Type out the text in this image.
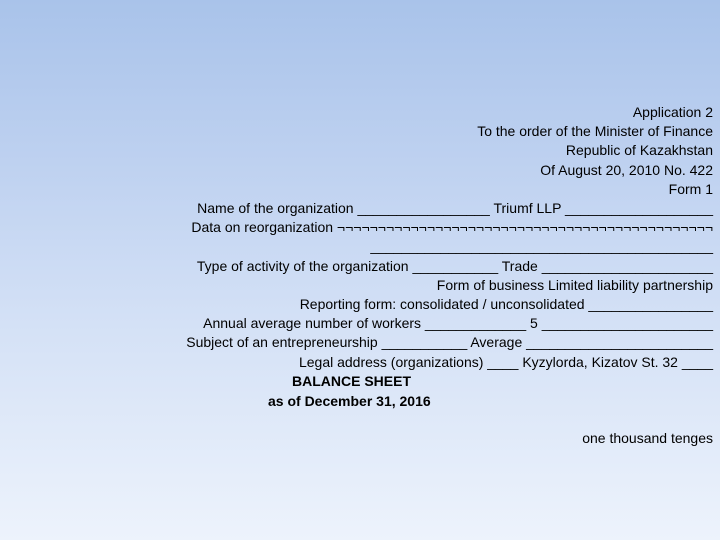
Application 2
To the order of the Minister of Finance
Republic of Kazakhstan
Of August 20, 2010 No. 422
Form 1
Name of the organization _________________ Triumf LLP ___________________
Data on reorganization ¬¬¬¬¬¬¬¬¬¬¬¬¬¬¬¬¬¬¬¬¬¬¬¬¬¬¬¬¬¬¬¬¬¬¬¬¬¬¬¬¬¬¬¬¬¬
____________________________________________
Type of activity of the organization ___________ Trade ______________________
Form of business Limited liability partnership
Reporting form: consolidated / unconsolidated ________________
Annual average number of workers _____________ 5 ______________________
Subject of an entrepreneurship ___________ Average ________________________
Legal address (organizations) ____ Kyzylorda, Kizatov St. 32 ____
BALANCE SHEET
as of December 31, 2016
one thousand tenges
